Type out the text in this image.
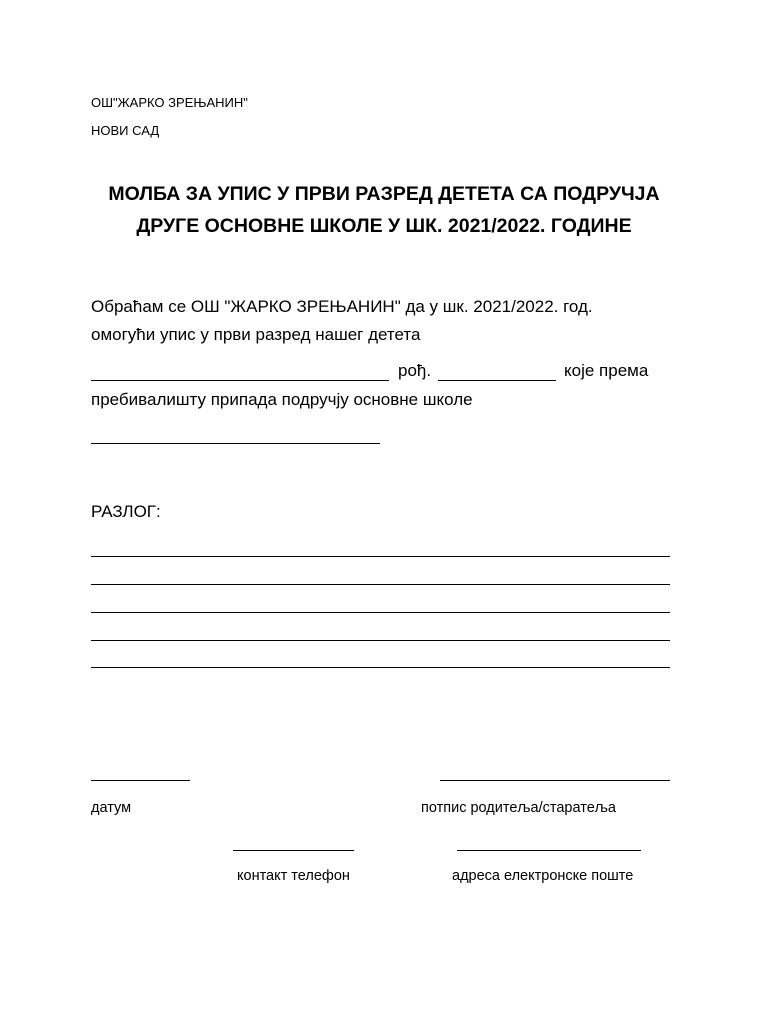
ОШ"ЖАРКО ЗРЕЊАНИН"
НОВИ САД
МОЛБА ЗА УПИС У ПРВИ РАЗРЕД ДЕТЕТА СА ПОДРУЧЈА
ДРУГЕ ОСНОВНЕ ШКОЛЕ У ШК. 2021/2022. ГОДИНЕ
Обраћам се ОШ "ЖАРКО ЗРЕЊАНИН" да у шк. 2021/2022. год.
омогући упис у први разред нашег детета
рођ.	које према
пребивалишту припада подручју основне школе
РАЗЛОГ:
датум	потпис родитеља/старатеља
контакт телефон	адреса електронске поште
